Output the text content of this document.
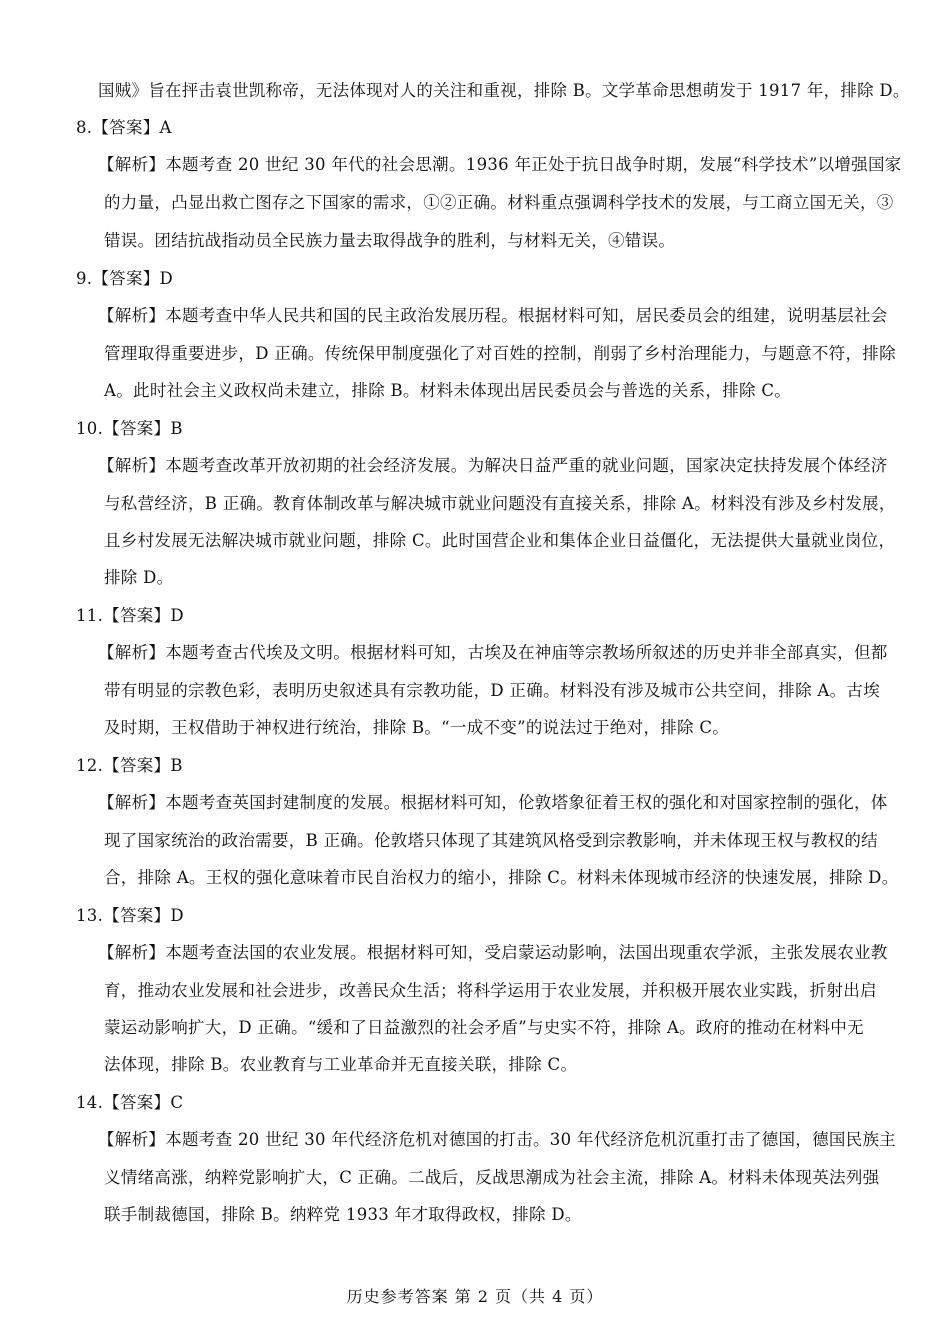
国贼》旨在抨击袁世凯称帝，无法体现对人的关注和重视，排除 B。文学革命思想萌发于 1917 年，排除 D。
8.【答案】A
【解析】本题考查 20 世纪 30 年代的社会思潮。1936 年正处于抗日战争时期，发展“科学技术”以增强国家
的力量，凸显出救亡图存之下国家的需求，①②正确。材料重点强调科学技术的发展，与工商立国无关，③
错误。团结抗战指动员全民族力量去取得战争的胜利，与材料无关，④错误。
9.【答案】D
【解析】本题考查中华人民共和国的民主政治发展历程。根据材料可知，居民委员会的组建，说明基层社会
管理取得重要进步，D 正确。传统保甲制度强化了对百姓的控制，削弱了乡村治理能力，与题意不符，排除
A。此时社会主义政权尚未建立，排除 B。材料未体现出居民委员会与普选的关系，排除 C。
10.【答案】B
【解析】本题考查改革开放初期的社会经济发展。为解决日益严重的就业问题，国家决定扶持发展个体经济
与私营经济，B 正确。教育体制改革与解决城市就业问题没有直接关系，排除 A。材料没有涉及乡村发展，
且乡村发展无法解决城市就业问题，排除 C。此时国营企业和集体企业日益僵化，无法提供大量就业岗位，
排除 D。
11.【答案】D
【解析】本题考查古代埃及文明。根据材料可知，古埃及在神庙等宗教场所叙述的历史并非全部真实，但都
带有明显的宗教色彩，表明历史叙述具有宗教功能，D 正确。材料没有涉及城市公共空间，排除 A。古埃
及时期，王权借助于神权进行统治，排除 B。“一成不变”的说法过于绝对，排除 C。
12.【答案】B
【解析】本题考查英国封建制度的发展。根据材料可知，伦敦塔象征着王权的强化和对国家控制的强化，体
现了国家统治的政治需要，B 正确。伦敦塔只体现了其建筑风格受到宗教影响，并未体现王权与教权的结
合，排除 A。王权的强化意味着市民自治权力的缩小，排除 C。材料未体现城市经济的快速发展，排除 D。
13.【答案】D
【解析】本题考查法国的农业发展。根据材料可知，受启蒙运动影响，法国出现重农学派，主张发展农业教
育，推动农业发展和社会进步，改善民众生活；将科学运用于农业发展，并积极开展农业实践，折射出启
蒙运动影响扩大，D 正确。“缓和了日益激烈的社会矛盾”与史实不符，排除 A。政府的推动在材料中无
法体现，排除 B。农业教育与工业革命并无直接关联，排除 C。
14.【答案】C
【解析】本题考查 20 世纪 30 年代经济危机对德国的打击。30 年代经济危机沉重打击了德国，德国民族主
义情绪高涨，纳粹党影响扩大，C 正确。二战后，反战思潮成为社会主流，排除 A。材料未体现英法列强
联手制裁德国，排除 B。纳粹党 1933 年才取得政权，排除 D。
历史参考答案 第 2 页（共 4 页）
